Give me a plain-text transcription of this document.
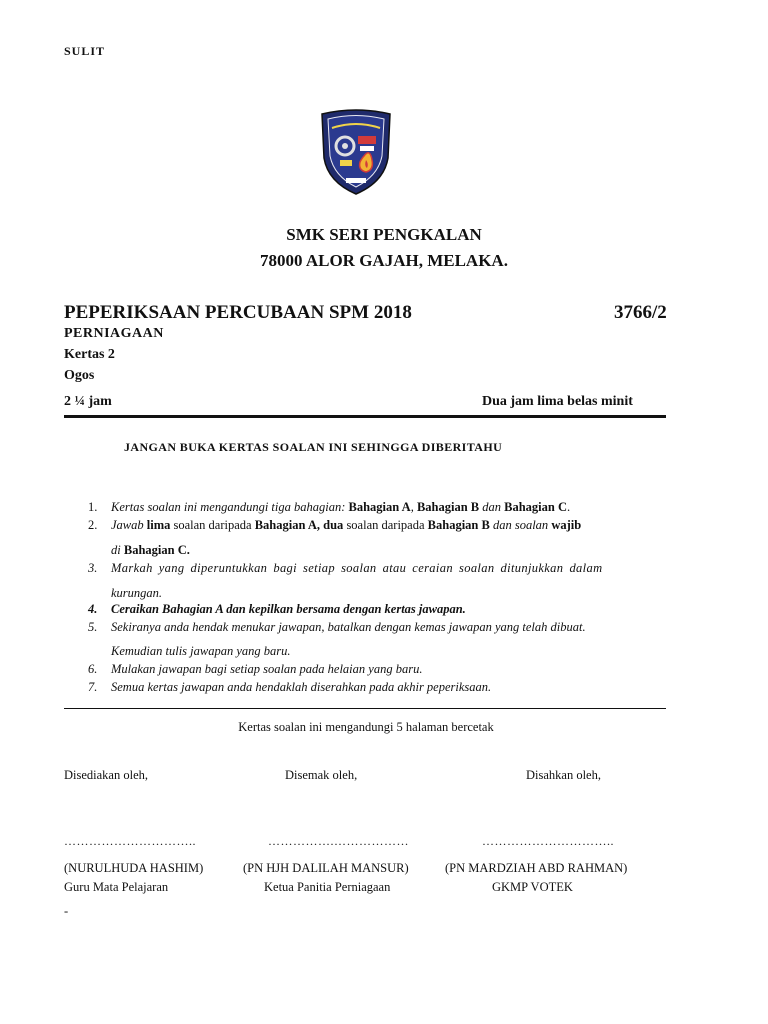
SULIT
SMK SERI PENGKALAN
78000 ALOR GAJAH, MELAKA.
PEPERIKSAAN PERCUBAAN SPM 2018	3766/2
PERNIAGAAN
Kertas 2
Ogos
2 ¼ jam	Dua jam lima belas minit
JANGAN BUKA KERTAS SOALAN INI SEHINGGA DIBERITAHU
1.	Kertas soalan ini mengandungi tiga bahagian: Bahagian A, Bahagian B dan Bahagian C.
2.	Jawab lima soalan daripada Bahagian A, dua soalan daripada Bahagian B dan soalan wajib
di Bahagian C.
3.	Markah yang diperuntukkan bagi setiap soalan atau ceraian soalan ditunjukkan dalam
kurungan.
4.	Ceraikan Bahagian A dan kepilkan bersama dengan kertas jawapan.
5.	Sekiranya anda hendak menukar jawapan, batalkan dengan kemas jawapan yang telah dibuat.
Kemudian tulis jawapan yang baru.
6.	Mulakan jawapan bagi setiap soalan pada helaian yang baru.
7.	Semua kertas jawapan anda hendaklah diserahkan pada akhir peperiksaan.
Kertas soalan ini mengandungi 5 halaman bercetak
Disediakan oleh,	Disemak oleh,	Disahkan oleh,
…………………………..	…………….………………	…………………………..
(NURULHUDA HASHIM)	(PN HJH DALILAH MANSUR)	(PN MARDZIAH ABD RAHMAN)
Guru Mata Pelajaran	Ketua Panitia Perniagaan	GKMP VOTEK
-
